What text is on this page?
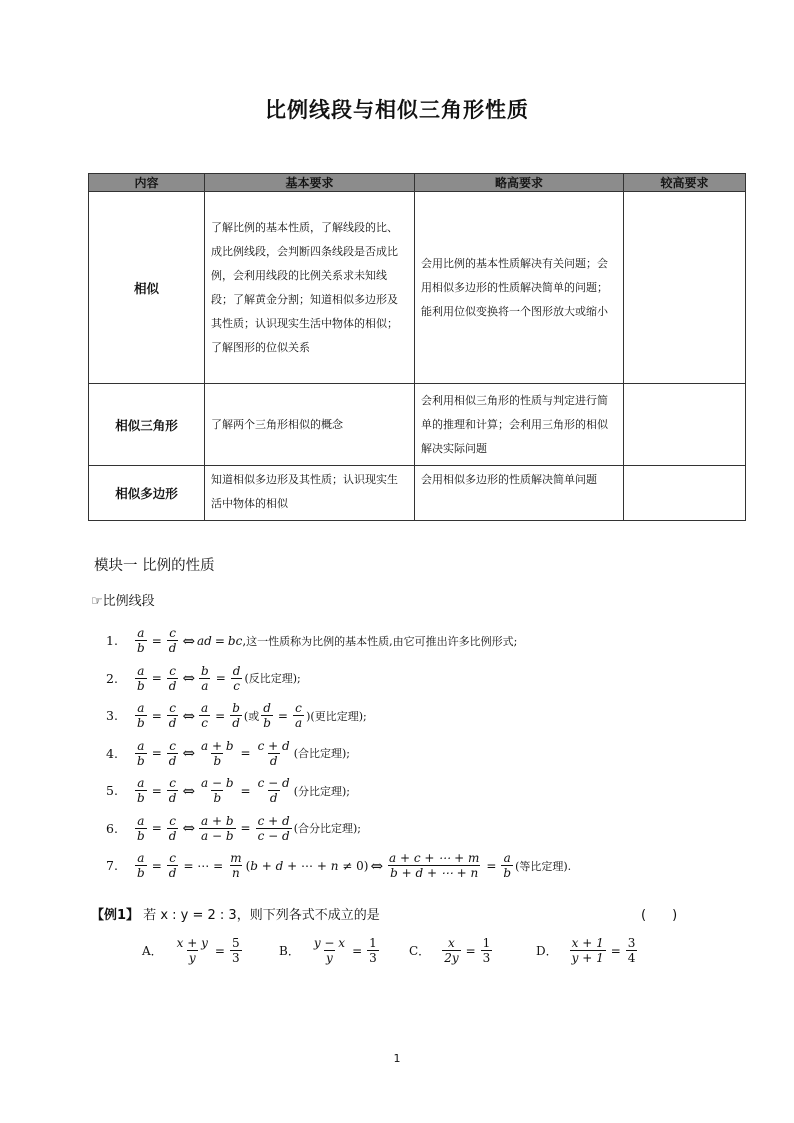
比例线段与相似三角形性质
内容	基本要求	略高要求	较高要求
相似	了解比例的基本性质，了解线段的比、成比例线段，会判断四条线段是否成比例，会利用线段的比例关系求未知线段；了解黄金分割；知道相似多边形及其性质；认识现实生活中物体的相似；了解图形的位似关系	会用比例的基本性质解决有关问题；会用相似多边形的性质解决简单的问题；能利用位似变换将一个图形放大或缩小	
相似三角形	了解两个三角形相似的概念	会利用相似三角形的性质与判定进行简单的推理和计算；会利用三角形的相似解决实际问题	
相似多边形	知道相似多边形及其性质；认识现实生活中物体的相似	会用相似多边形的性质解决简单问题	
模块一 比例的性质
☞比例线段
1.	$\frac{a}{b} = \frac{c}{d}$ ⇔ ad = bc , 这一性质称为比例的基本性质,由它可推出许多比例形式;
2.	$\frac{a}{b} = \frac{c}{d}$ ⇔ $\frac{b}{a} = \frac{d}{c}$ (反比定理);
3.	$\frac{a}{b} = \frac{c}{d}$ ⇔ $\frac{a}{c} = \frac{b}{d}$ (或 $\frac{d}{b} = \frac{c}{a}$ )(更比定理);
4.	$\frac{a}{b} = \frac{c}{d}$ ⇔ $\frac{a + b}{b} = \frac{c + d}{d}$ (合比定理);
5.	$\frac{a}{b} = \frac{c}{d}$ ⇔ $\frac{a - b}{b} = \frac{c - d}{d}$ (分比定理);
6.	$\frac{a}{b} = \frac{c}{d}$ ⇔ $\frac{a + b}{a - b} = \frac{c + d}{c - d}$ (合分比定理);
7.	$\frac{a}{b} = \frac{c}{d}$ = ⋯ = $\frac{m}{n} (b + d$ + ⋯ + n ≠ 0) ⇔ $\frac{a + c + \cdots + m}{b + d + \cdots + n} = \frac{a}{b}$ (等比定理).
【例1】 若 x : y = 2 : 3，则下列各式不成立的是	(　　)
A． $\frac{x + y}{y} = \frac{5}{3}$	B． $\frac{y - x}{y} = \frac{1}{3}$	C． $\frac{x}{2y} = \frac{1}{3}$	D． $\frac{x + 1}{y + 1} = \frac{3}{4}$
1
